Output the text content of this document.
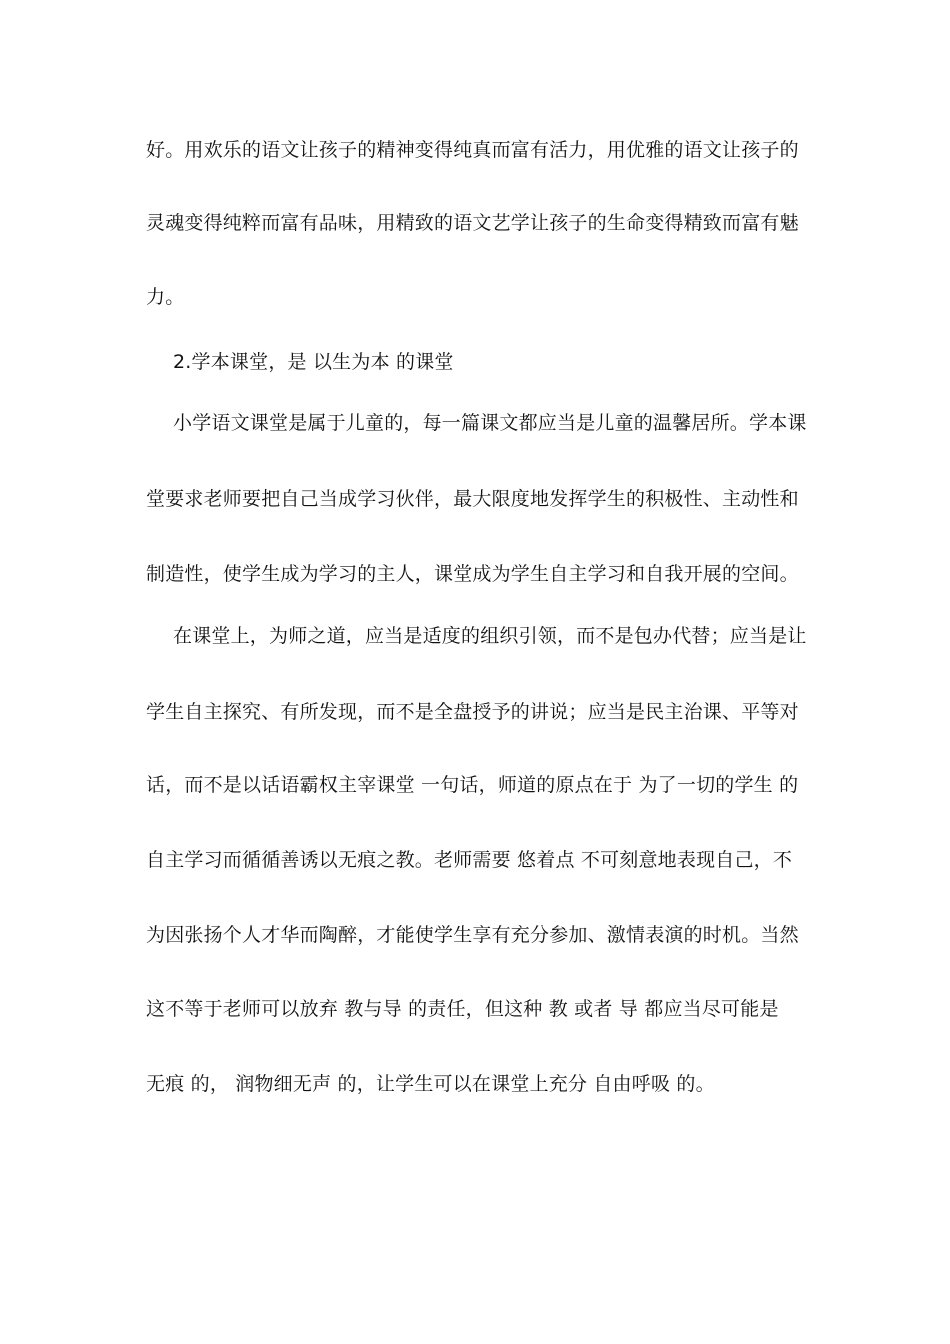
好。用欢乐的语文让孩子的精神变得纯真而富有活力，用优雅的语文让孩子的
灵魂变得纯粹而富有品味，用精致的语文艺学让孩子的生命变得精致而富有魅
力。
2.学本课堂，是 以生为本 的课堂
小学语文课堂是属于儿童的，每一篇课文都应当是儿童的温馨居所。学本课
堂要求老师要把自己当成学习伙伴，最大限度地发挥学生的积极性、主动性和
制造性，使学生成为学习的主人，课堂成为学生自主学习和自我开展的空间。
在课堂上，为师之道，应当是适度的组织引领，而不是包办代替；应当是让
学生自主探究、有所发现，而不是全盘授予的讲说；应当是民主治课、平等对
话，而不是以话语霸权主宰课堂 一句话，师道的原点在于 为了一切的学生 的
自主学习而循循善诱以无痕之教。老师需要 悠着点 不可刻意地表现自己，不
为因张扬个人才华而陶醉，才能使学生享有充分参加、激情表演的时机。当然
这不等于老师可以放弃 教与导 的责任，但这种 教 或者 导 都应当尽可能是
无痕 的， 润物细无声 的，让学生可以在课堂上充分 自由呼吸 的。
